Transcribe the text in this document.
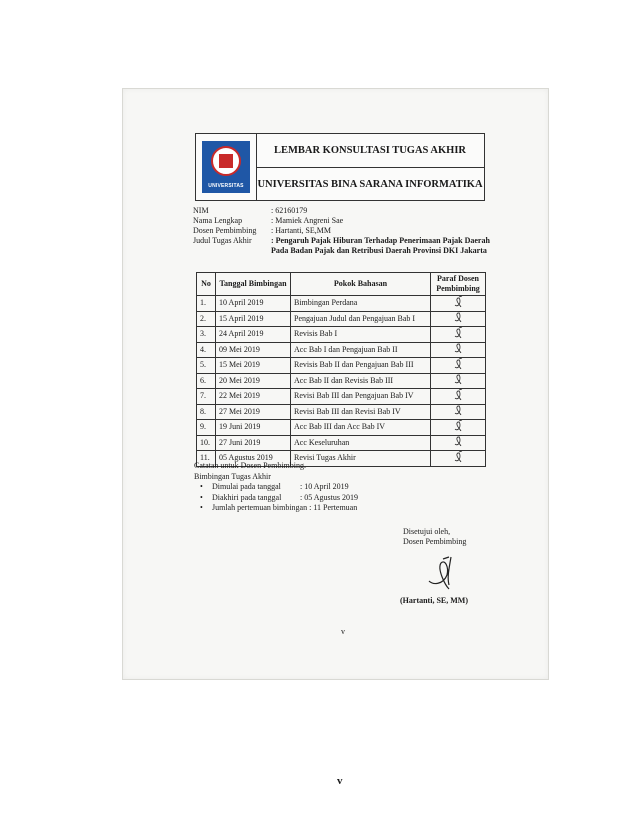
UNIVERSITAS
LEMBAR KONSULTASI TUGAS AKHIR
UNIVERSITAS BINA SARANA INFORMATIKA
NIM	: 62160179
Nama Lengkap	: Mamiek Angreni Sae
Dosen Pembimbing	: Hartanti, SE,MM
Judul Tugas Akhir	: Pengaruh Pajak Hiburan Terhadap Penerimaan Pajak Daerah Pada Badan Pajak dan Retribusi Daerah Provinsi DKI Jakarta
No	Tanggal Bimbingan	Pokok Bahasan	Paraf Dosen Pembimbing
1.	10 April 2019	Bimbingan Perdana	

2.	15 April 2019	Pengajuan Judul dan Pengajuan Bab I	

3.	24 April 2019	Revisis Bab I	

4.	09 Mei 2019	Acc Bab I dan Pengajuan Bab II	

5.	15 Mei 2019	Revisis Bab II dan Pengajuan Bab III	

6.	20 Mei 2019	Acc Bab II dan Revisis Bab III	

7.	22 Mei 2019	Revisi Bab III dan Pengajuan Bab IV	

8.	27 Mei 2019	Revisi Bab III dan Revisi Bab IV	

9.	19 Juni 2019	Acc Bab III dan Acc Bab IV	

10.	27 Juni 2019	Acc Keseluruhan	

11.	05 Agustus 2019	Revisi Tugas Akhir	
Catatan untuk Dosen Pembimbing.
Bimbingan Tugas Akhir
•	Dimulai pada tanggal	: 10 April 2019
•	Diakhiri pada tanggal	: 05 Agustus 2019
•	Jumlah pertemuan bimbingan
: 11 Pertemuan
Disetujui oleh,
Dosen Pembimbing
(Hartanti, SE, MM)
v
v
